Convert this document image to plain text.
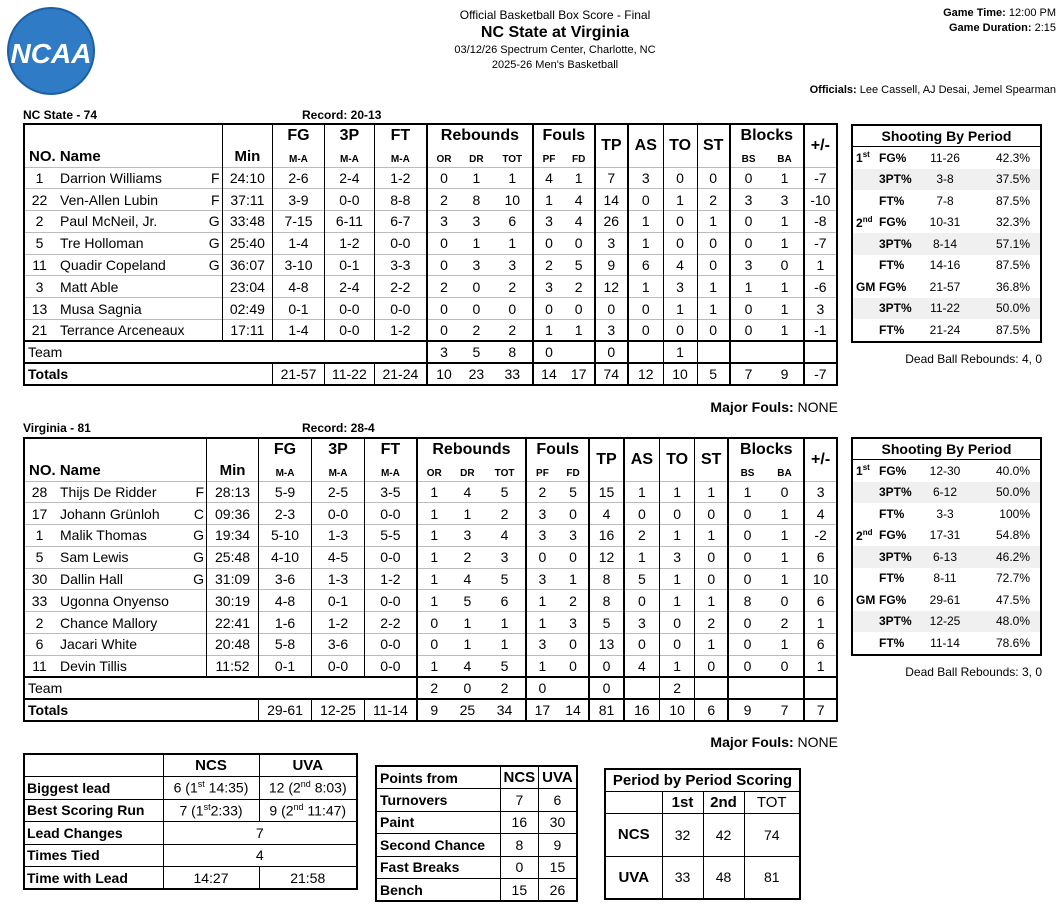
NCAA
Official Basketball Box Score - Final
NC State at Virginia
03/12/26 Spectrum Center, Charlotte, NC
2025-26 Men's Basketball
Game Time: 12:00 PM
Game Duration: 2:15
Officials: Lee Cassell, AJ Desai, Jemel Spearman
NC State - 74	Record: 20-13
			FG	3P	FT	Rebounds			Fouls		TP	AS	TO	ST	Blocks		+/-
NO. Name		Min	M-A	M-A	M-A	OR	DR	TOT	PF	FD					BS	BA	
1	Darrion Williams F	24:10	2-6	2-4	1-2	0	1	1	4	1	7	3	0	0	0	1	-7
22	Ven-Allen Lubin F	37:11	3-9	0-0	8-8	2	8	10	1	4	14	0	1	2	3	3	-10
2	Paul McNeil, Jr. G	33:48	7-15	6-11	6-7	3	3	6	3	4	26	1	0	1	0	1	-8
5	Tre Holloman G	25:40	1-4	1-2	0-0	0	1	1	0	0	3	1	0	0	0	1	-7
11	Quadir Copeland G	36:07	3-10	0-1	3-3	0	3	3	2	5	9	6	4	0	3	0	1
3	Matt Able	23:04	4-8	2-4	2-2	2	0	2	3	2	12	1	3	1	1	1	-6
13	Musa Sagnia	02:49	0-1	0-0	0-0	0	0	0	0	0	0	0	1	1	0	1	3
21	Terrance Arceneaux	17:11	1-4	0-0	1-2	0	2	2	1	1	3	0	0	0	0	1	-1
Team						3	5	8	0		0		1				
Totals			21-57	11-22	21-24	10	23	33	14	17	74	12	10	5	7	9	-7
Major Fouls: NONE
Shooting By Period
1st FG%	11-26	42.3%
3PT%	3-8	37.5%
FT%	7-8	87.5%
2nd FG%	10-31	32.3%
3PT%	8-14	57.1%
FT%	14-16	87.5%
GM FG%	21-57	36.8%
3PT%	11-22	50.0%
FT%	21-24	87.5%
Dead Ball Rebounds: 4, 0
Virginia - 81	Record: 28-4
			FG	3P	FT	Rebounds			Fouls		TP	AS	TO	ST	Blocks		+/-
NO. Name		Min	M-A	M-A	M-A	OR	DR	TOT	PF	FD					BS	BA	
28	Thijs De Ridder F	28:13	5-9	2-5	3-5	1	4	5	2	5	15	1	1	1	1	0	3
17	Johann Grünloh C	09:36	2-3	0-0	0-0	1	1	2	3	0	4	0	0	0	0	1	4
1	Malik Thomas G	19:34	5-10	1-3	5-5	1	3	4	3	3	16	2	1	1	0	1	-2
5	Sam Lewis G	25:48	4-10	4-5	0-0	1	2	3	0	0	12	1	3	0	0	1	6
30	Dallin Hall G	31:09	3-6	1-3	1-2	1	4	5	3	1	8	5	1	0	0	1	10
33	Ugonna Onyenso	30:19	4-8	0-1	0-0	1	5	6	1	2	8	0	1	1	8	0	6
2	Chance Mallory	22:41	1-6	1-2	2-2	0	1	1	1	3	5	3	0	2	0	2	1
6	Jacari White	20:48	5-8	3-6	0-0	0	1	1	3	0	13	0	0	1	0	1	6
11	Devin Tillis	11:52	0-1	0-0	0-0	1	4	5	1	0	0	4	1	0	0	0	1
Team						2	0	2	0		0		2				
Totals			29-61	12-25	11-14	9	25	34	17	14	81	16	10	6	9	7	7
Major Fouls: NONE
Shooting By Period
1st FG%	12-30	40.0%
3PT%	6-12	50.0%
FT%	3-3	100%
2nd FG%	17-31	54.8%
3PT%	6-13	46.2%
FT%	8-11	72.7%
GM FG%	29-61	47.5%
3PT%	12-25	48.0%
FT%	11-14	78.6%
Dead Ball Rebounds: 3, 0
	NCS	UVA
Biggest lead	6 (1st 14:35)	12 (2nd 8:03)
Best Scoring Run	7 (1st2:33)	9 (2nd 11:47)
Lead Changes	7	
Times Tied	4	
Time with Lead	14:27	21:58
Points from	NCS	UVA
Turnovers	7	6
Paint	16	30
Second Chance	8	9
Fast Breaks	0	15
Bench	15	26
Period by Period Scoring			
	1st	2nd	TOT
NCS	32	42	74
UVA	33	48	81
